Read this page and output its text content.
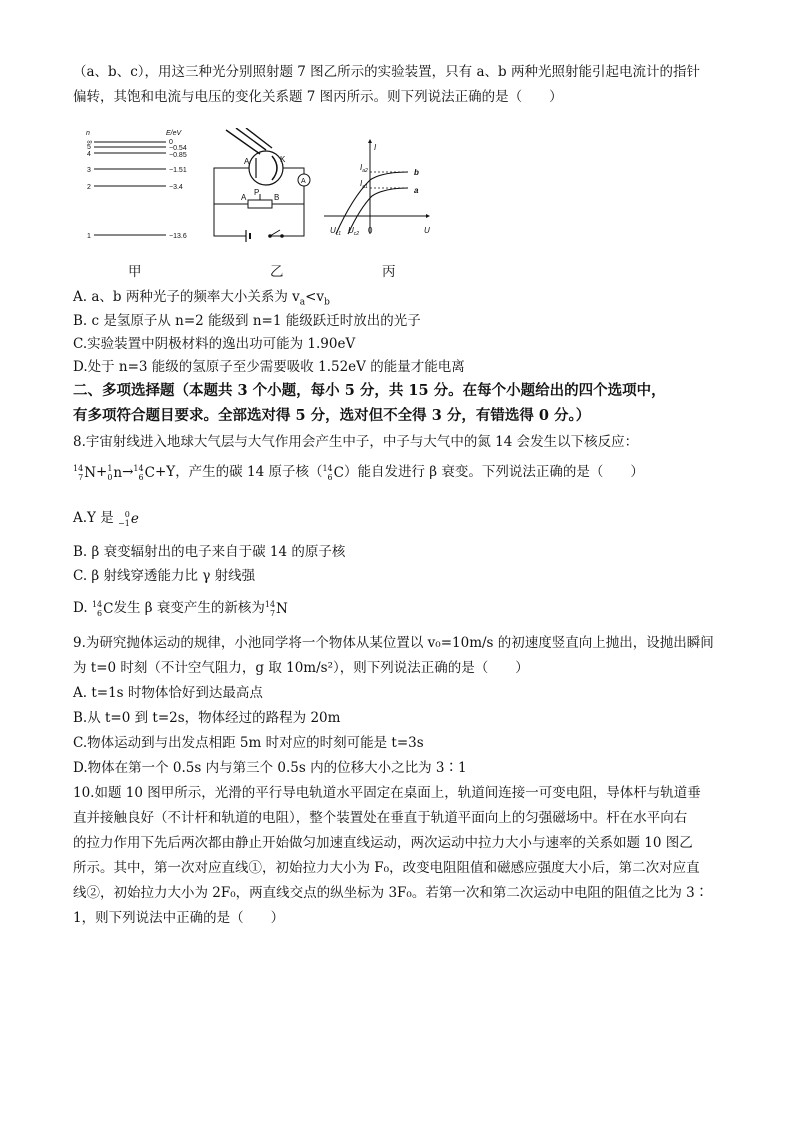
（a、b、c），用这三种光分别照射题 7 图乙所示的实验装置，只有 a、b 两种光照射能引起电流计的指针
偏转，其饱和电流与电压的变化关系题 7 图丙所示。则下列说法正确的是（　　）
n	E/eV
∞
5
4
3
2
1
0
−0.54
−0.85
−1.51
−3.4
−13.6
A	K
A
A
P
B
I
$I_{a2}$
$I_{a1}$
b
a
$U_{c1}$ $U_{c2}$ 0	U
甲	乙	丙
A. a、b 两种光子的频率大小关系为 $v_a<v_b$
B. c 是氢原子从 n=2 能级到 n=1 能级跃迁时放出的光子
C.实验装置中阴极材料的逸出功可能为 1.90eV
D.处于 n=3 能级的氢原子至少需要吸收 1.52eV 的能量才能电离
二、多项选择题（本题共 3 个小题，每小 5 分，共 15 分。在每个小题给出的四个选项中，
有多项符合题目要求。全部选对得 5 分，选对但不全得 3 分，有错选得 0 分。）
8.宇宙射线进入地球大气层与大气作用会产生中子，中子与大气中的氮 14 会发生以下核反应：
14
7 N+ 1
0 n→ 14
6 C+Y，产生的碳 14 原子核（ 14
6 C）能自发进行 β 衰变。下列说法正确的是（　　）
A.Y 是	0
−1 e
B. β 衰变辐射出的电子来自于碳 14 的原子核
C. β 射线穿透能力比 γ 射线强
D. 14
6 C发生 β 衰变产生的新核为 14
7 N
9.为研究抛体运动的规律，小池同学将一个物体从某位置以 v₀=10m/s 的初速度竖直向上抛出，设抛出瞬间
为 t=0 时刻（不计空气阻力，g 取 10m/s²），则下列说法正确的是（　　）
A. t=1s 时物体恰好到达最高点
B.从 t=0 到 t=2s，物体经过的路程为 20m
C.物体运动到与出发点相距 5m 时对应的时刻可能是 t=3s
D.物体在第一个 0.5s 内与第三个 0.5s 内的位移大小之比为 3∶1
10.如题 10 图甲所示，光滑的平行导电轨道水平固定在桌面上，轨道间连接一可变电阻，导体杆与轨道垂
直并接触良好（不计杆和轨道的电阻），整个装置处在垂直于轨道平面向上的匀强磁场中。杆在水平向右
的拉力作用下先后两次都由静止开始做匀加速直线运动，两次运动中拉力大小与速率的关系如题 10 图乙
所示。其中，第一次对应直线①，初始拉力大小为 F₀，改变电阻阻值和磁感应强度大小后，第二次对应直
线②，初始拉力大小为 2F₀，两直线交点的纵坐标为 3F₀。若第一次和第二次运动中电阻的阻值之比为 3∶
1，则下列说法中正确的是（　　）
